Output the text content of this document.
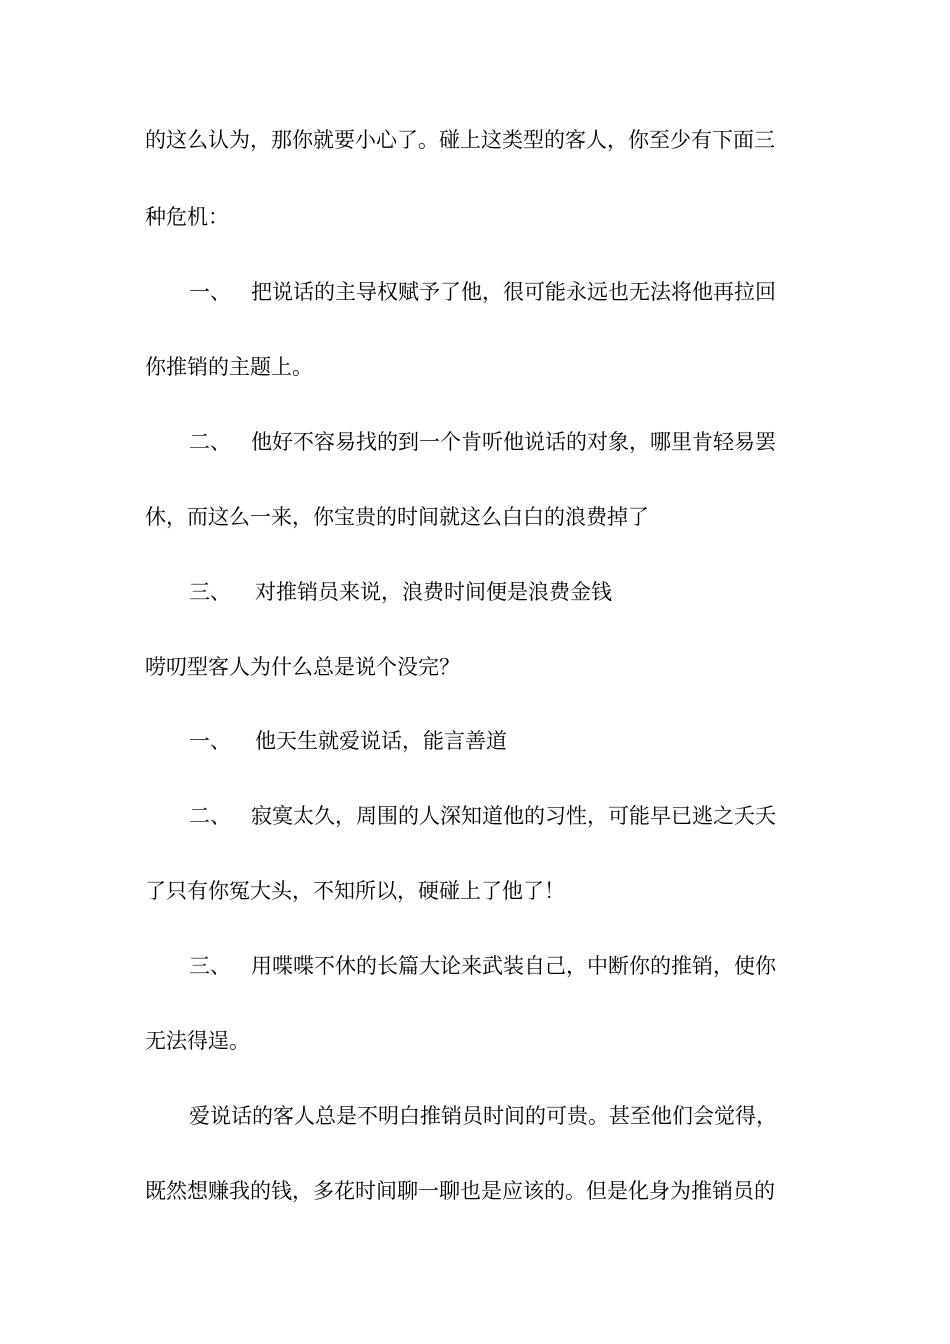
的这么认为，那你就要小心了。碰上这类型的客人，你至少有下面三
种危机：
一、 把说话的主导权赋予了他，很可能永远也无法将他再拉回
你推销的主题上。
二、 他好不容易找的到一个肯听他说话的对象，哪里肯轻易罢
休，而这么一来，你宝贵的时间就这么白白的浪费掉了
三、 对推销员来说，浪费时间便是浪费金钱
唠叨型客人为什么总是说个没完？
一、 他天生就爱说话，能言善道
二、 寂寞太久，周围的人深知道他的习性，可能早已逃之夭夭
了只有你冤大头，不知所以，硬碰上了他了！
三、 用喋喋不休的长篇大论来武装自己，中断你的推销，使你
无法得逞。
爱说话的客人总是不明白推销员时间的可贵。甚至他们会觉得，
既然想赚我的钱，多花时间聊一聊也是应该的。但是化身为推销员的
